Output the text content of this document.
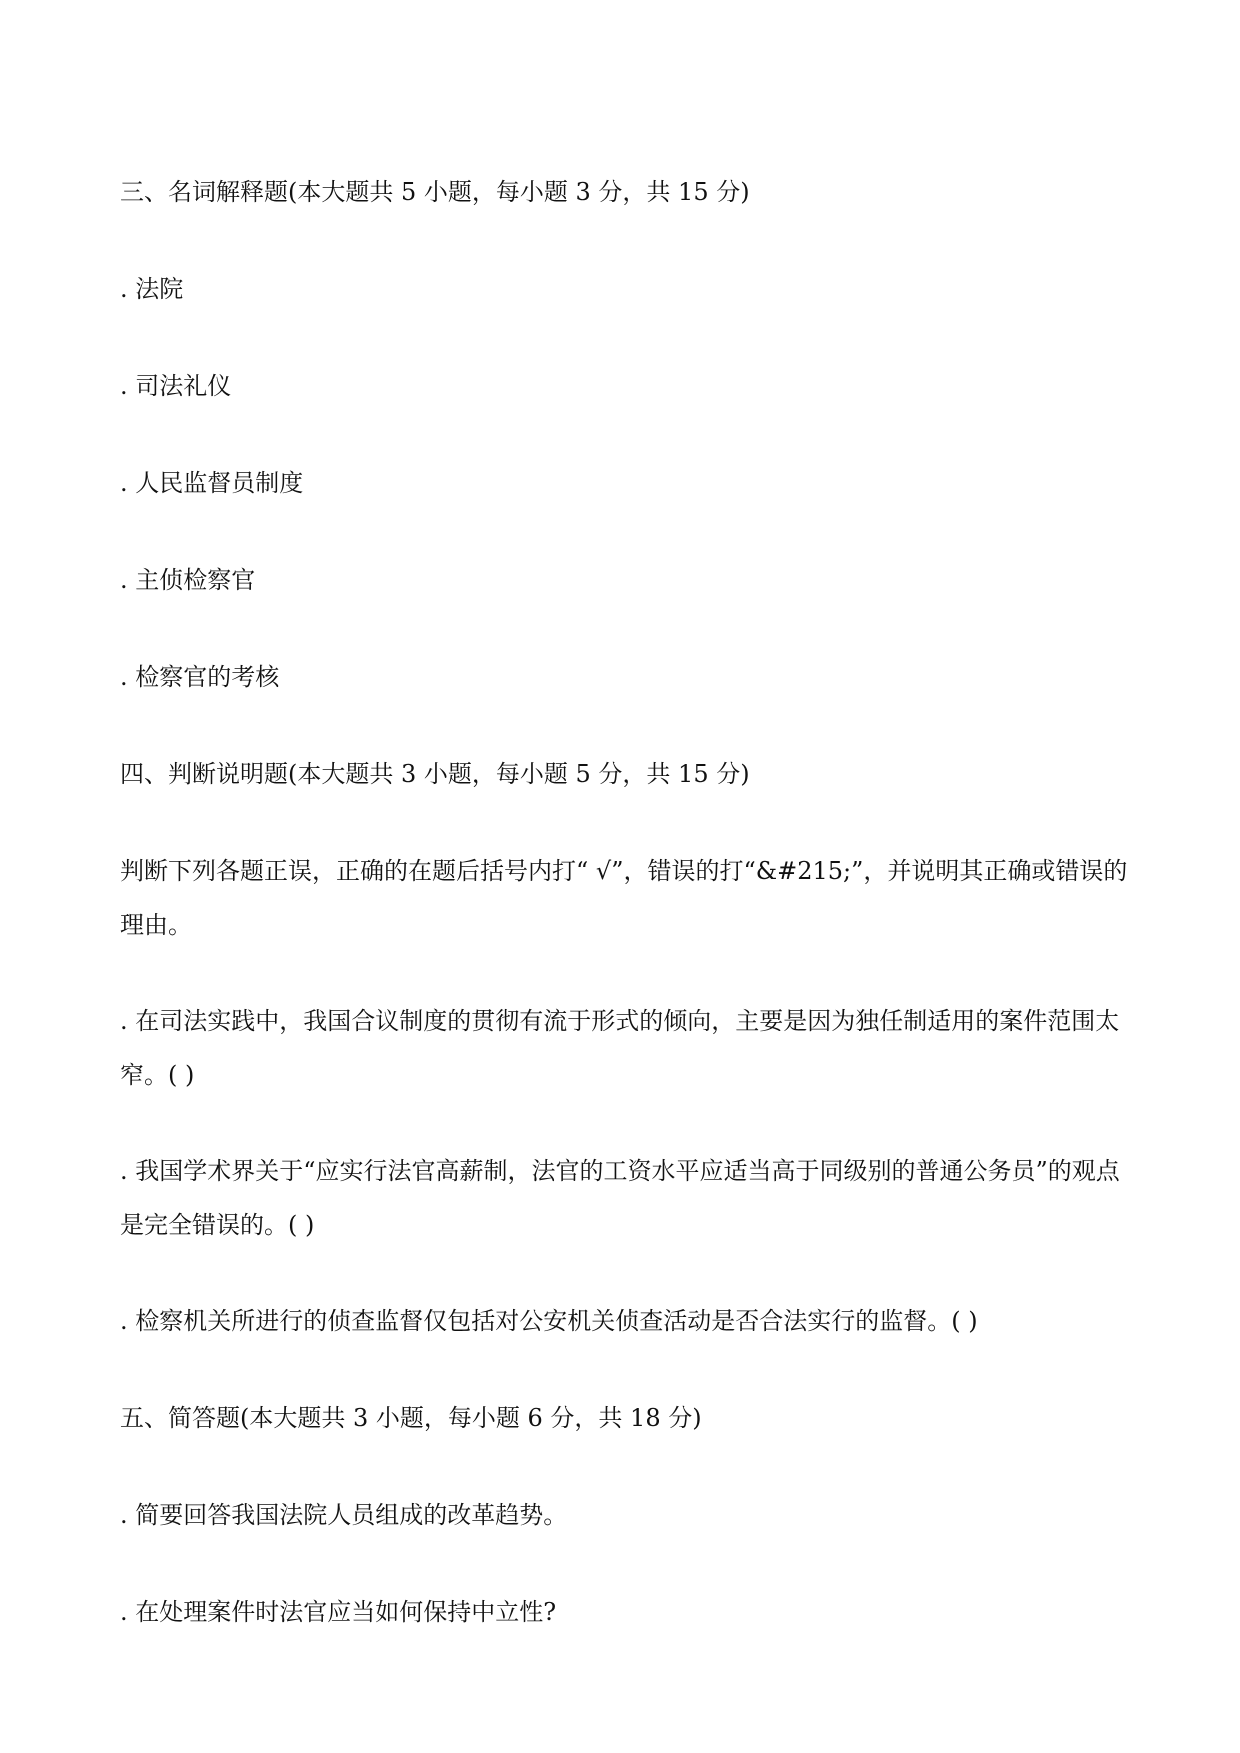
三、名词解释题(本大题共 5 小题，每小题 3 分，共 15 分)
. 法院
. 司法礼仪
. 人民监督员制度
. 主侦检察官
. 检察官的考核
四、判断说明题(本大题共 3 小题，每小题 5 分，共 15 分)
判断下列各题正误，正确的在题后括号内打“ √”，错误的打“&#215;”，并说明其正确或错误的理由。
. 在司法实践中，我国合议制度的贯彻有流于形式的倾向，主要是因为独任制适用的案件范围太窄。( )
. 我国学术界关于“应实行法官高薪制，法官的工资水平应适当高于同级别的普通公务员”的观点是完全错误的。( )
. 检察机关所进行的侦查监督仅包括对公安机关侦查活动是否合法实行的监督。( )
五、简答题(本大题共 3 小题，每小题 6 分，共 18 分)
. 简要回答我国法院人员组成的改革趋势。
. 在处理案件时法官应当如何保持中立性?
